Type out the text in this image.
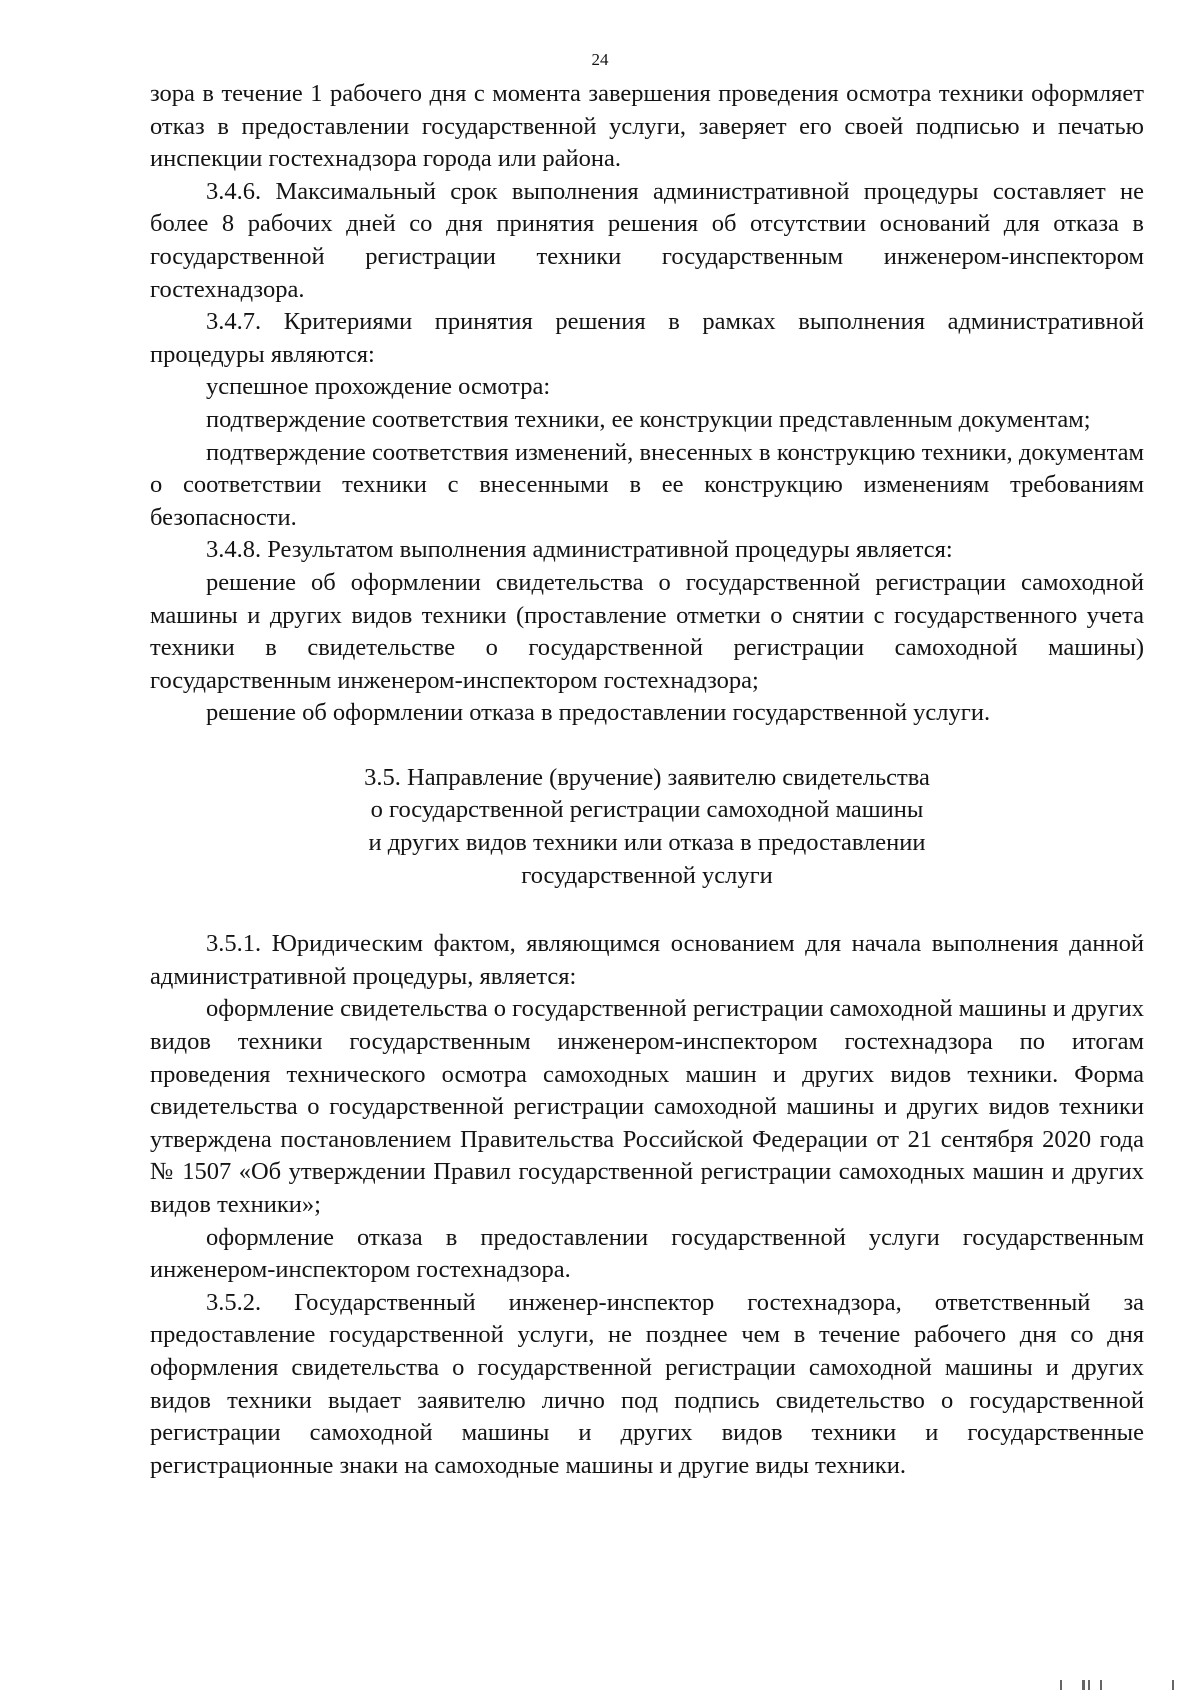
24

зора в течение 1 рабочего дня с момента завершения проведения осмотра техники оформляет отказ в предоставлении государственной услуги, заверяет его своей подписью и печатью инспекции гостехнадзора города или района.

3.4.6. Максимальный срок выполнения административной процедуры составляет не более 8 рабочих дней со дня принятия решения об отсутствии оснований для отказа в государственной регистрации техники государственным инженером-инспектором гостехнадзора.

3.4.7. Критериями принятия решения в рамках выполнения административной процедуры являются:

успешное прохождение осмотра:

подтверждение соответствия техники, ее конструкции представленным документам;

подтверждение соответствия изменений, внесенных в конструкцию техники, документам о соответствии техники с внесенными в ее конструкцию изменениям требованиям безопасности.

3.4.8. Результатом выполнения административной процедуры является:

решение об оформлении свидетельства о государственной регистрации самоходной машины и других видов техники (проставление отметки о снятии с государственного учета техники в свидетельстве о государственной регистрации самоходной машины) государственным инженером-инспектором гостехнадзора;

решение об оформлении отказа в предоставлении государственной услуги.

3.5. Направление (вручение) заявителю свидетельства
о государственной регистрации самоходной машины
и других видов техники или отказа в предоставлении
государственной услуги

3.5.1. Юридическим фактом, являющимся основанием для начала выполнения данной административной процедуры, является:

оформление свидетельства о государственной регистрации самоходной машины и других видов техники государственным инженером-инспектором гостехнадзора по итогам проведения технического осмотра самоходных машин и других видов техники. Форма свидетельства о государственной регистрации самоходной машины и других видов техники утверждена постановлением Правительства Российской Федерации от 21 сентября 2020 года № 1507 «Об утверждении Правил государственной регистрации самоходных машин и других видов техники»;

оформление отказа в предоставлении государственной услуги государственным инженером-инспектором гостехнадзора.

3.5.2. Государственный инженер-инспектор гостехнадзора, ответственный за предоставление государственной услуги, не позднее чем в течение рабочего дня со дня оформления свидетельства о государственной регистрации самоходной машины и других видов техники выдает заявителю лично под подпись свидетельство о государственной регистрации самоходной машины и других видов техники и государственные регистрационные знаки на самоходные машины и другие виды техники.
